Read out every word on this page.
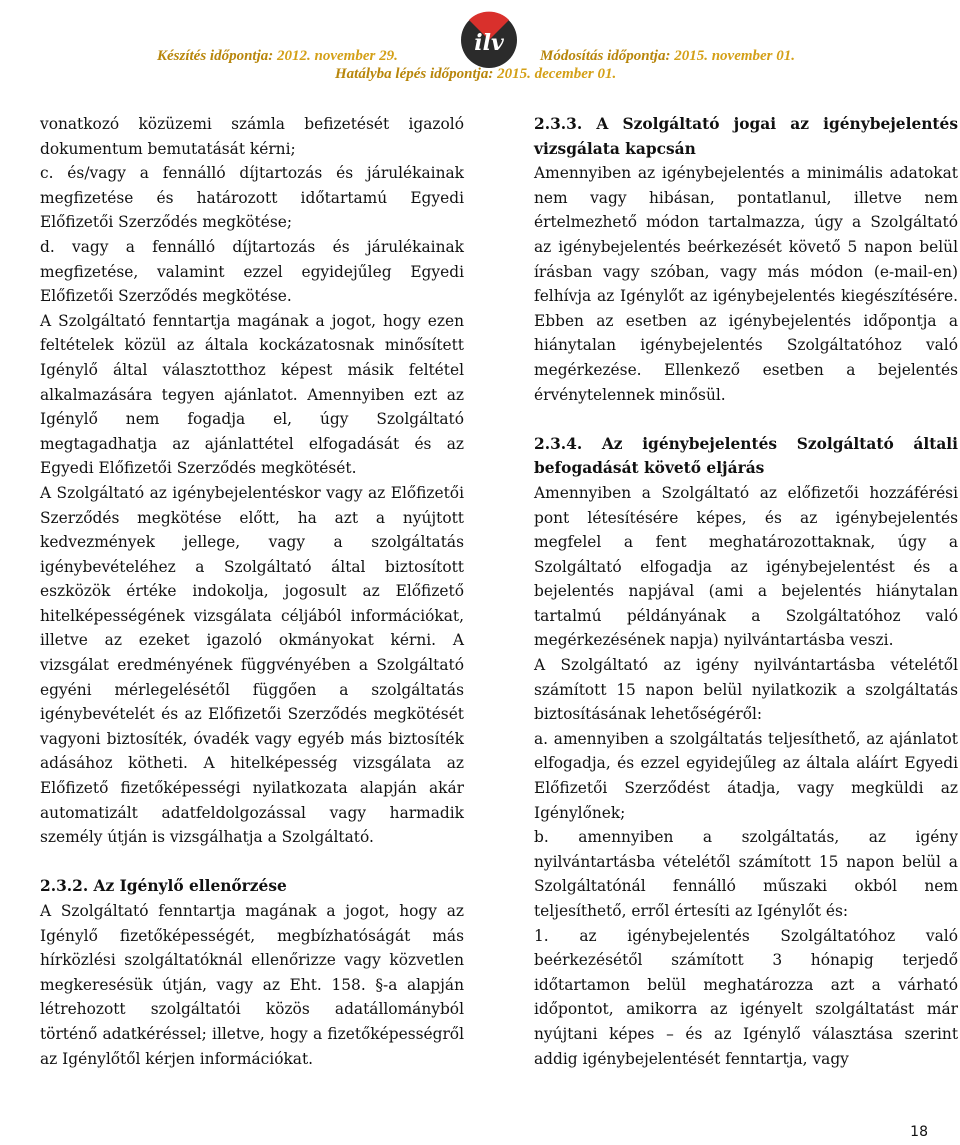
Készítés időpontja: 2012. november 29.	ilv Módosítás időpontja: 2015. november 01.
Hatályba lépés időpontja: 2015. december 01.

vonatkozó közüzemi számla befizetését igazoló dokumentum bemutatását kérni;

c. és/vagy a fennálló díjtartozás és járulékainak megfizetése és határozott időtartamú Egyedi Előfizetői Szerződés megkötése;

d. vagy a fennálló díjtartozás és járulékainak megfizetése, valamint ezzel egyidejűleg Egyedi Előfizetői Szerződés megkötése.

A Szolgáltató fenntartja magának a jogot, hogy ezen feltételek közül az általa kockázatosnak minősített Igénylő által választotthoz képest másik feltétel alkalmazására tegyen ajánlatot. Amennyiben ezt az Igénylő nem fogadja el, úgy Szolgáltató megtagadhatja az ajánlattétel elfogadását és az Egyedi Előfizetői Szerződés megkötését.

A Szolgáltató az igénybejelentéskor vagy az Előfizetői Szerződés megkötése előtt, ha azt a nyújtott kedvezmények jellege, vagy a szolgáltatás igénybevételéhez a Szolgáltató által biztosított eszközök értéke indokolja, jogosult az Előfizető hitelképességének vizsgálata céljából információkat, illetve az ezeket igazoló okmányokat kérni. A vizsgálat eredményének függvényében a Szolgáltató egyéni mérlegelésétől függően a szolgáltatás igénybevételét és az Előfizetői Szerződés megkötését vagyoni biztosíték, óvadék vagy egyéb más biztosíték adásához kötheti. A hitelképesség vizsgálata az Előfizető fizetőképességi nyilatkozata alapján akár automatizált adatfeldolgozással vagy harmadik személy útján is vizsgálhatja a Szolgáltató.

2.3.2. Az Igénylő ellenőrzése

A Szolgáltató fenntartja magának a jogot, hogy az Igénylő fizetőképességét, megbízhatóságát más hírközlési szolgáltatóknál ellenőrizze vagy közvetlen megkeresésük útján, vagy az Eht. 158. §-a alapján létrehozott szolgáltatói közös adatállományból történő adatkéréssel; illetve, hogy a fizetőképességről az Igénylőtől kérjen információkat.

2.3.3. A Szolgáltató jogai az igénybejelentés vizsgálata kapcsán

Amennyiben az igénybejelentés a minimális adatokat nem vagy hibásan, pontatlanul, illetve nem értelmezhető módon tartalmazza, úgy a Szolgáltató az igénybejelentés beérkezését követő 5 napon belül írásban vagy szóban, vagy más módon (e-mail-en) felhívja az Igénylőt az igénybejelentés kiegészítésére. Ebben az esetben az igénybejelentés időpontja a hiánytalan igénybejelentés Szolgáltatóhoz való megérkezése. Ellenkező esetben a bejelentés érvénytelennek minősül.

2.3.4. Az igénybejelentés Szolgáltató általi befogadását követő eljárás

Amennyiben a Szolgáltató az előfizetői hozzáférési pont létesítésére képes, és az igénybejelentés megfelel a fent meghatározottaknak, úgy a Szolgáltató elfogadja az igénybejelentést és a bejelentés napjával (ami a bejelentés hiánytalan tartalmú példányának a Szolgáltatóhoz való megérkezésének napja) nyilvántartásba veszi.

A Szolgáltató az igény nyilvántartásba vételétől számított 15 napon belül nyilatkozik a szolgáltatás biztosításának lehetőségéről:

a. amennyiben a szolgáltatás teljesíthető, az ajánlatot elfogadja, és ezzel egyidejűleg az általa aláírt Egyedi Előfizetői Szerződést átadja, vagy megküldi az Igénylőnek;

b. amennyiben a szolgáltatás, az igény nyilvántartásba vételétől számított 15 napon belül a Szolgáltatónál fennálló műszaki okból nem teljesíthető, erről értesíti az Igénylőt és:

1. az igénybejelentés Szolgáltatóhoz való beérkezésétől számított 3 hónapig terjedő időtartamon belül meghatározza azt a várható időpontot, amikorra az igényelt szolgáltatást már nyújtani képes – és az Igénylő választása szerint addig igénybejelentését fenntartja, vagy

18
